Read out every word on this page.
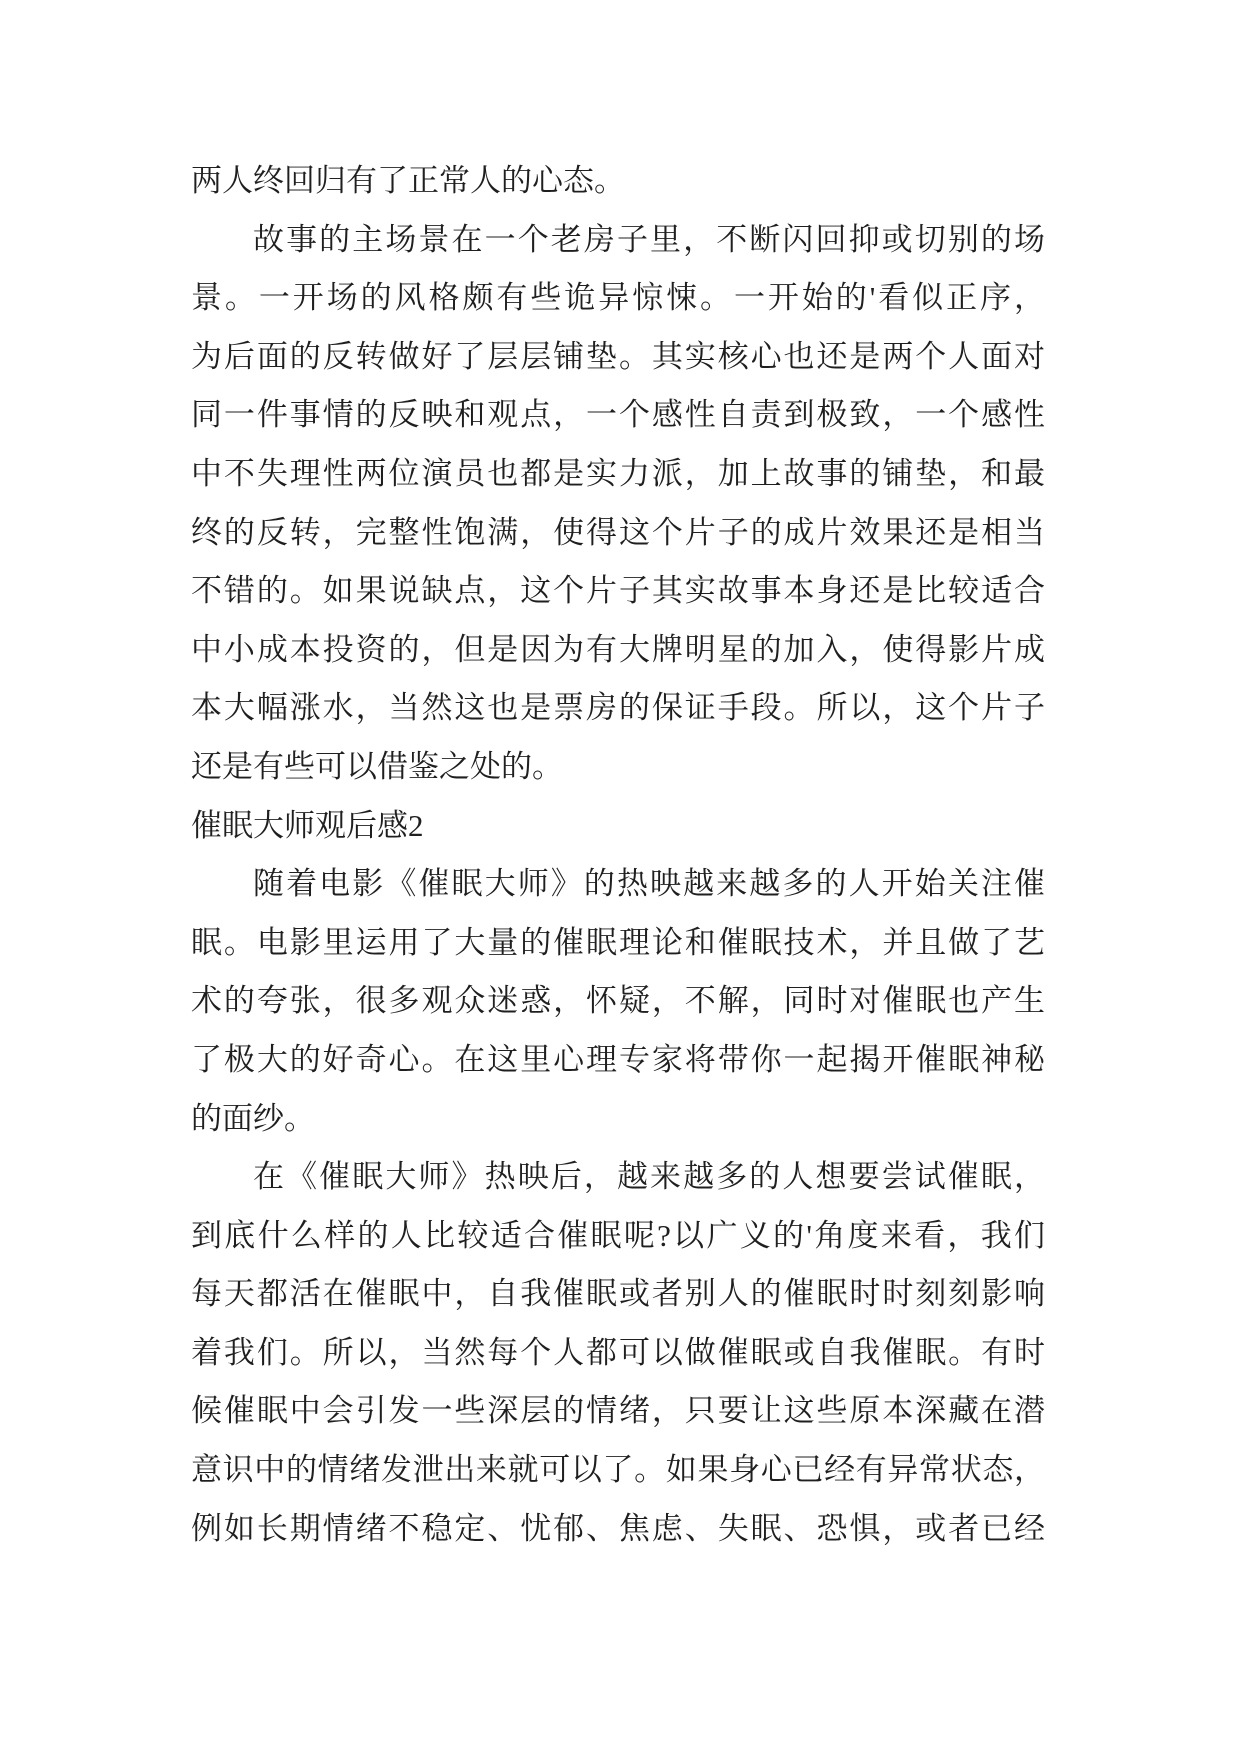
两人终回归有了正常人的心态。
故事的主场景在一个老房子里，不断闪回抑或切别的场
景。一开场的风格颇有些诡异惊悚。一开始的'看似正序，
为后面的反转做好了层层铺垫。其实核心也还是两个人面对
同一件事情的反映和观点，一个感性自责到极致，一个感性
中不失理性两位演员也都是实力派，加上故事的铺垫，和最
终的反转，完整性饱满，使得这个片子的成片效果还是相当
不错的。如果说缺点，这个片子其实故事本身还是比较适合
中小成本投资的，但是因为有大牌明星的加入，使得影片成
本大幅涨水，当然这也是票房的保证手段。所以，这个片子
还是有些可以借鉴之处的。
催眠大师观后感2
随着电影《催眠大师》的热映越来越多的人开始关注催
眠。电影里运用了大量的催眠理论和催眠技术，并且做了艺
术的夸张，很多观众迷惑，怀疑，不解，同时对催眠也产生
了极大的好奇心。在这里心理专家将带你一起揭开催眠神秘
的面纱。
在《催眠大师》热映后，越来越多的人想要尝试催眠，
到底什么样的人比较适合催眠呢?以广义的'角度来看，我们
每天都活在催眠中，自我催眠或者别人的催眠时时刻刻影响
着我们。所以，当然每个人都可以做催眠或自我催眠。有时
候催眠中会引发一些深层的情绪，只要让这些原本深藏在潜
意识中的情绪发泄出来就可以了。如果身心已经有异常状态，
例如长期情绪不稳定、忧郁、焦虑、失眠、恐惧，或者已经
